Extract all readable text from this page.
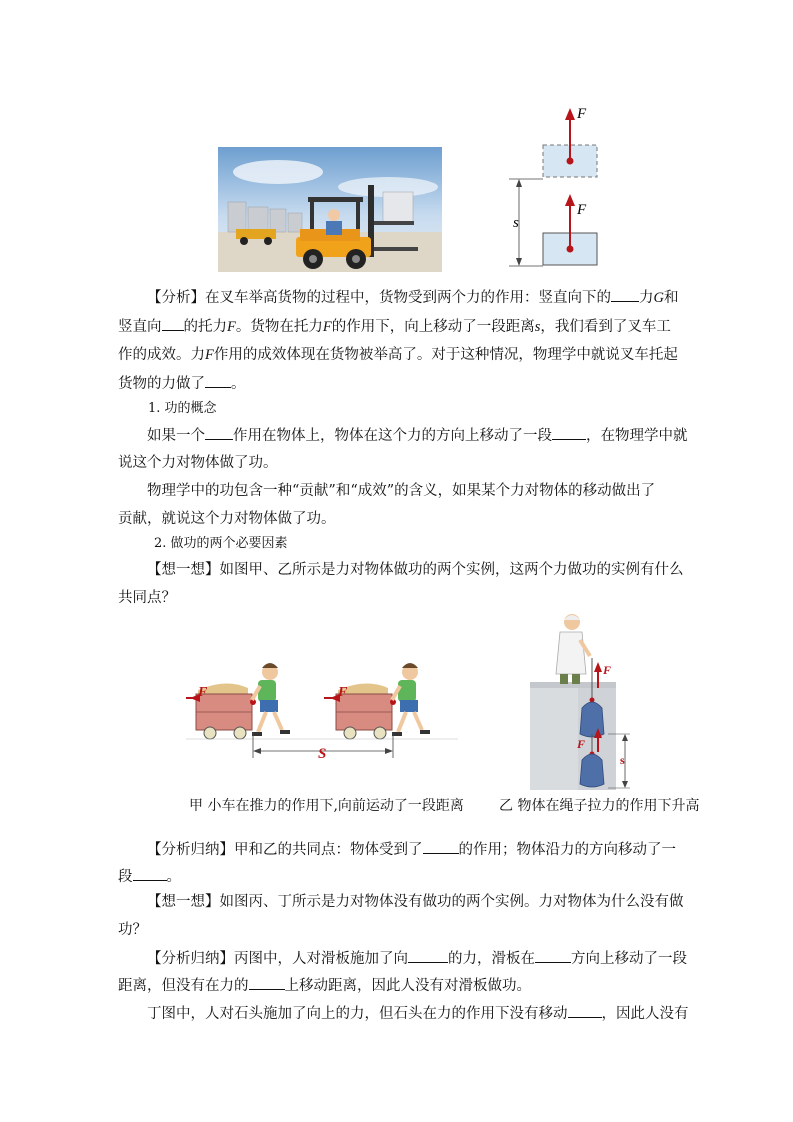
F
F
s
【分析】在叉车举高货物的过程中，货物受到两个力的作用：竖直向下的 力G和
竖直向 的托力F。货物在托力F的作用下，向上移动了一段距离s，我们看到了叉车工
作的成效。力F作用的成效体现在货物被举高了。对于这种情况，物理学中就说叉车托起
货物的力做了 。
1. 功的概念
如果一个 作用在物体上，物体在这个力的方向上移动了一段 ，在物理学中就
说这个力对物体做了功。
物理学中的功包含一种“贡献”和“成效”的含义，如果某个力对物体的移动做出了
贡献，就说这个力对物体做了功。
2. 做功的两个必要因素
【想一想】如图甲、乙所示是力对物体做功的两个实例，这两个力做功的实例有什么
共同点？
F	F
S
F
F
s
甲 小车在推力的作用下,向前运动了一段距离	乙 物体在绳子拉力的作用下升高
【分析归纳】甲和乙的共同点：物体受到了 的作用；物体沿力的方向移动了一
段 。
【想一想】如图丙、丁所示是力对物体没有做功的两个实例。力对物体为什么没有做
功？
【分析归纳】丙图中，人对滑板施加了向	的力，滑板在 方向上移动了一段
距离，但没有在力的 上移动距离，因此人没有对滑板做功。
丁图中，人对石头施加了向上的力，但石头在力的作用下没有移动 ，因此人没有
